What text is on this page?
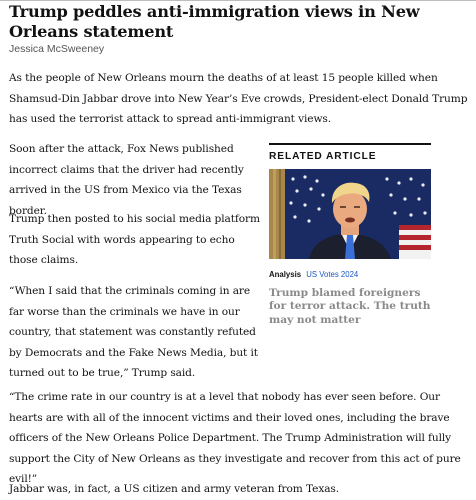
Trump peddles anti-immigration views in New Orleans statement
Jessica McSweeney

As the people of New Orleans mourn the deaths of at least 15 people killed when Shamsud-Din Jabbar drove into New Year’s Eve crowds, President-elect Donald Trump has used the terrorist attack to spread anti-immigrant views.

Soon after the attack, Fox News published incorrect claims that the driver had recently arrived in the US from Mexico via the Texas border.

Trump then posted to his social media platform Truth Social with words appearing to echo those claims.

“When I said that the criminals coming in are far worse than the criminals we have in our country, that statement was constantly refuted by Democrats and the Fake News Media, but it turned out to be true,” Trump said.

“The crime rate in our country is at a level that nobody has ever seen before. Our hearts are with all of the innocent victims and their loved ones, including the brave officers of the New Orleans Police Department. The Trump Administration will fully support the City of New Orleans as they investigate and recover from this act of pure evil!”

Jabbar was, in fact, a US citizen and army veteran from Texas.

RELATED ARTICLE
Analysis US Votes 2024
Trump blamed foreigners for terror attack. The truth may not matter
